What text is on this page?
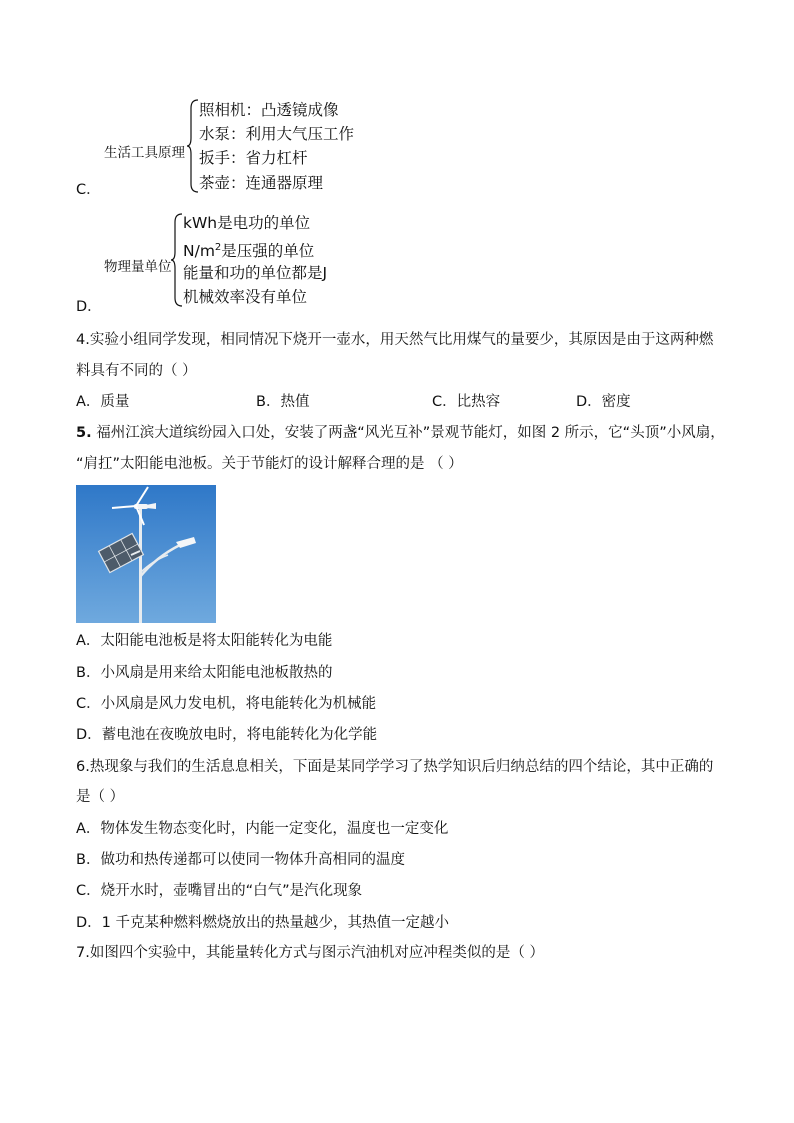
生活工具原理
照相机：凸透镜成像
水泵：利用大气压工作
扳手：省力杠杆
茶壶：连通器原理
C．
物理量单位
kWh是电功的单位
$N/m^2$是压强的单位
能量和功的单位都是J
机械效率没有单位
D．
4.实验小组同学发现，相同情况下烧开一壶水，用天然气比用煤气的量要少，其原因是由于这两种燃
料具有不同的（ ）
A．质量	B．热值	C．比热容	D．密度
5. 福州江滨大道缤纷园入口处，安装了两盏“风光互补”景观节能灯，如图 2 所示，它“头顶”小风扇，
“肩扛”太阳能电池板。关于节能灯的设计解释合理的是 （ ）
A．太阳能电池板是将太阳能转化为电能
B．小风扇是用来给太阳能电池板散热的
C．小风扇是风力发电机，将电能转化为机械能
D．蓄电池在夜晚放电时，将电能转化为化学能
6.热现象与我们的生活息息相关，下面是某同学学习了热学知识后归纳总结的四个结论，其中正确的
是（ ）
A．物体发生物态变化时，内能一定变化，温度也一定变化
B．做功和热传递都可以使同一物体升高相同的温度
C．烧开水时，壶嘴冒出的“白气”是汽化现象
D．1 千克某种燃料燃烧放出的热量越少，其热值一定越小
7.如图四个实验中，其能量转化方式与图示汽油机对应冲程类似的是（ ）
